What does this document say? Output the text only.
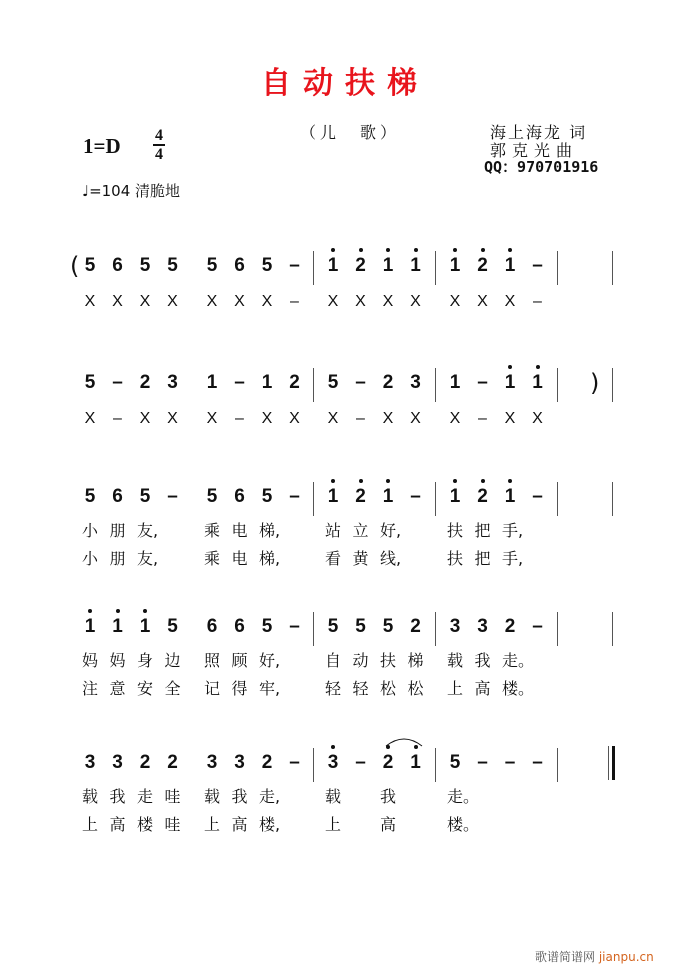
自动扶梯
（儿　歌）	海上海龙 词
郭克光曲
QQ：970701916
1=D 4
4
♩=104 清脆地
( 5 6 5 5 5 6 5 – 1 2 1 1 1 2 1 –
X X X X X X X	–	X X X X X X X	–
5 – 2 3 1 – 1 2 5 – 2 3 1 – 1 1 )
X	–	X X X	–	X X X	–	X X X	–	X X
5 6 5 – 5 6 5 – 1 2 1 – 1 2 1 –
小 朋 友,	乘 电 梯,	站 立 好,	扶 把 手,
小 朋 友,	乘 电 梯,	看 黄 线,	扶 把 手,
1 1 1 5 6 6 5 – 5 5 5 2 3 3 2 –
妈 妈 身 边	照 顾 好,	自 动 扶 梯	载 我 走。
注 意 安 全	记 得 牢,	轻 轻 松 松	上 高 楼。
3 3 2 2 3 3 2 – 3 – 2 1 5 – – –
载 我 走 哇	载 我 走,	载	我	走。
上 高 楼 哇	上 高 楼,	上	高	楼。
歌谱简谱网 jianpu.cn
